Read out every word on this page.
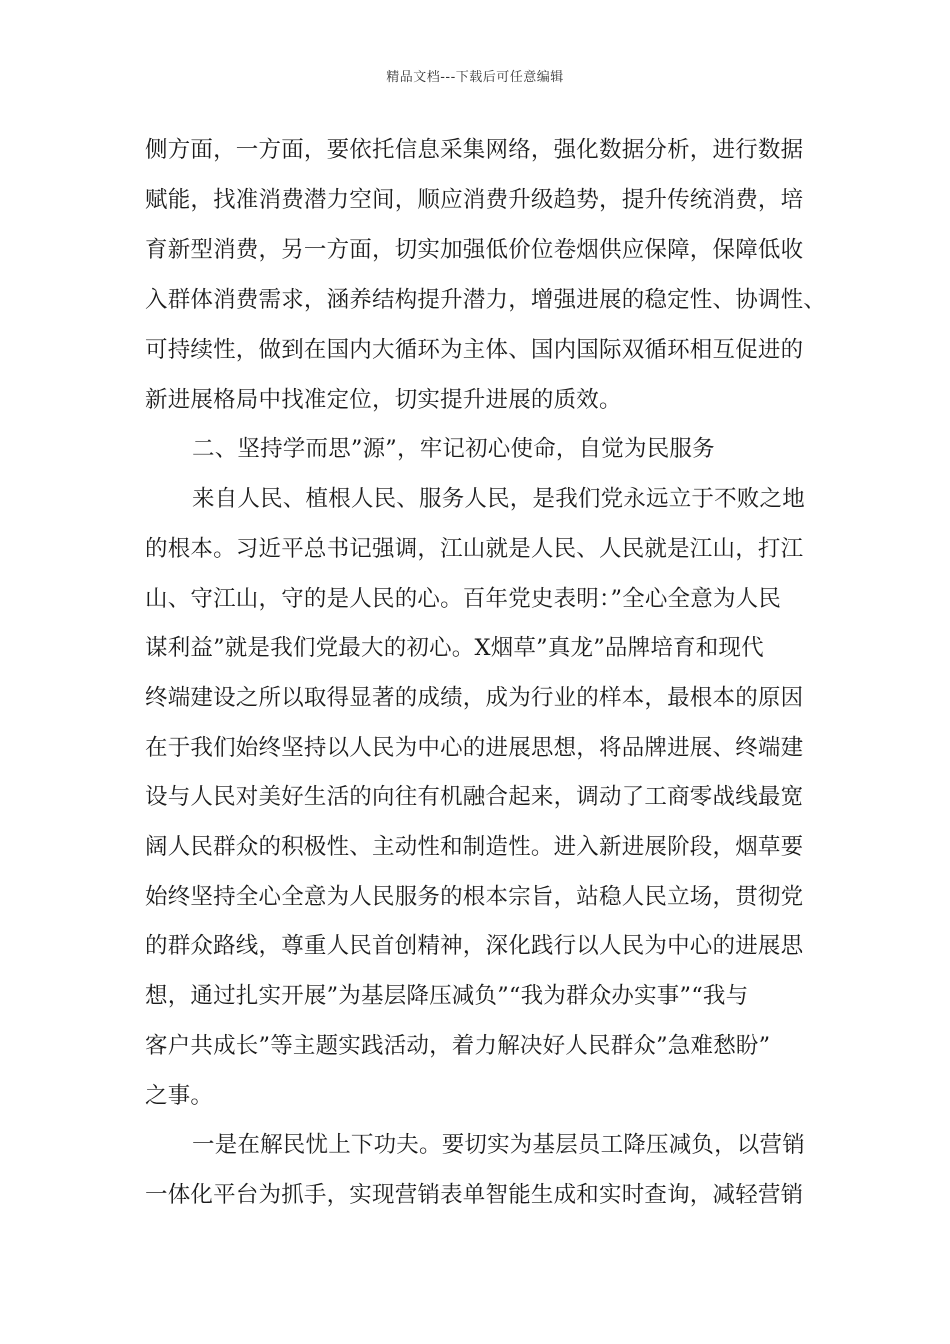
精品文档---下载后可任意编辑
侧方面，一方面，要依托信息采集网络，强化数据分析，进行数据
赋能，找准消费潜力空间，顺应消费升级趋势，提升传统消费，培
育新型消费，另一方面，切实加强低价位卷烟供应保障，保障低收
入群体消费需求，涵养结构提升潜力，增强进展的稳定性、协调性、
可持续性，做到在国内大循环为主体、国内国际双循环相互促进的
新进展格局中找准定位，切实提升进展的质效。
二、坚持学而思”源”，牢记初心使命，自觉为民服务
来自人民、植根人民、服务人民，是我们党永远立于不败之地
的根本。习近平总书记强调，江山就是人民、人民就是江山，打江
山、守江山，守的是人民的心。百年党史表明：”全心全意为人民
谋利益”就是我们党最大的初心。X烟草”真龙”品牌培育和现代
终端建设之所以取得显著的成绩，成为行业的样本，最根本的原因
在于我们始终坚持以人民为中心的进展思想，将品牌进展、终端建
设与人民对美好生活的向往有机融合起来，调动了工商零战线最宽
阔人民群众的积极性、主动性和制造性。进入新进展阶段，烟草要
始终坚持全心全意为人民服务的根本宗旨，站稳人民立场，贯彻党
的群众路线，尊重人民首创精神，深化践行以人民为中心的进展思
想，通过扎实开展”为基层降压减负”“我为群众办实事”“我与
客户共成长”等主题实践活动，着力解决好人民群众”急难愁盼”
之事。
一是在解民忧上下功夫。要切实为基层员工降压减负，以营销
一体化平台为抓手，实现营销表单智能生成和实时查询，减轻营销
